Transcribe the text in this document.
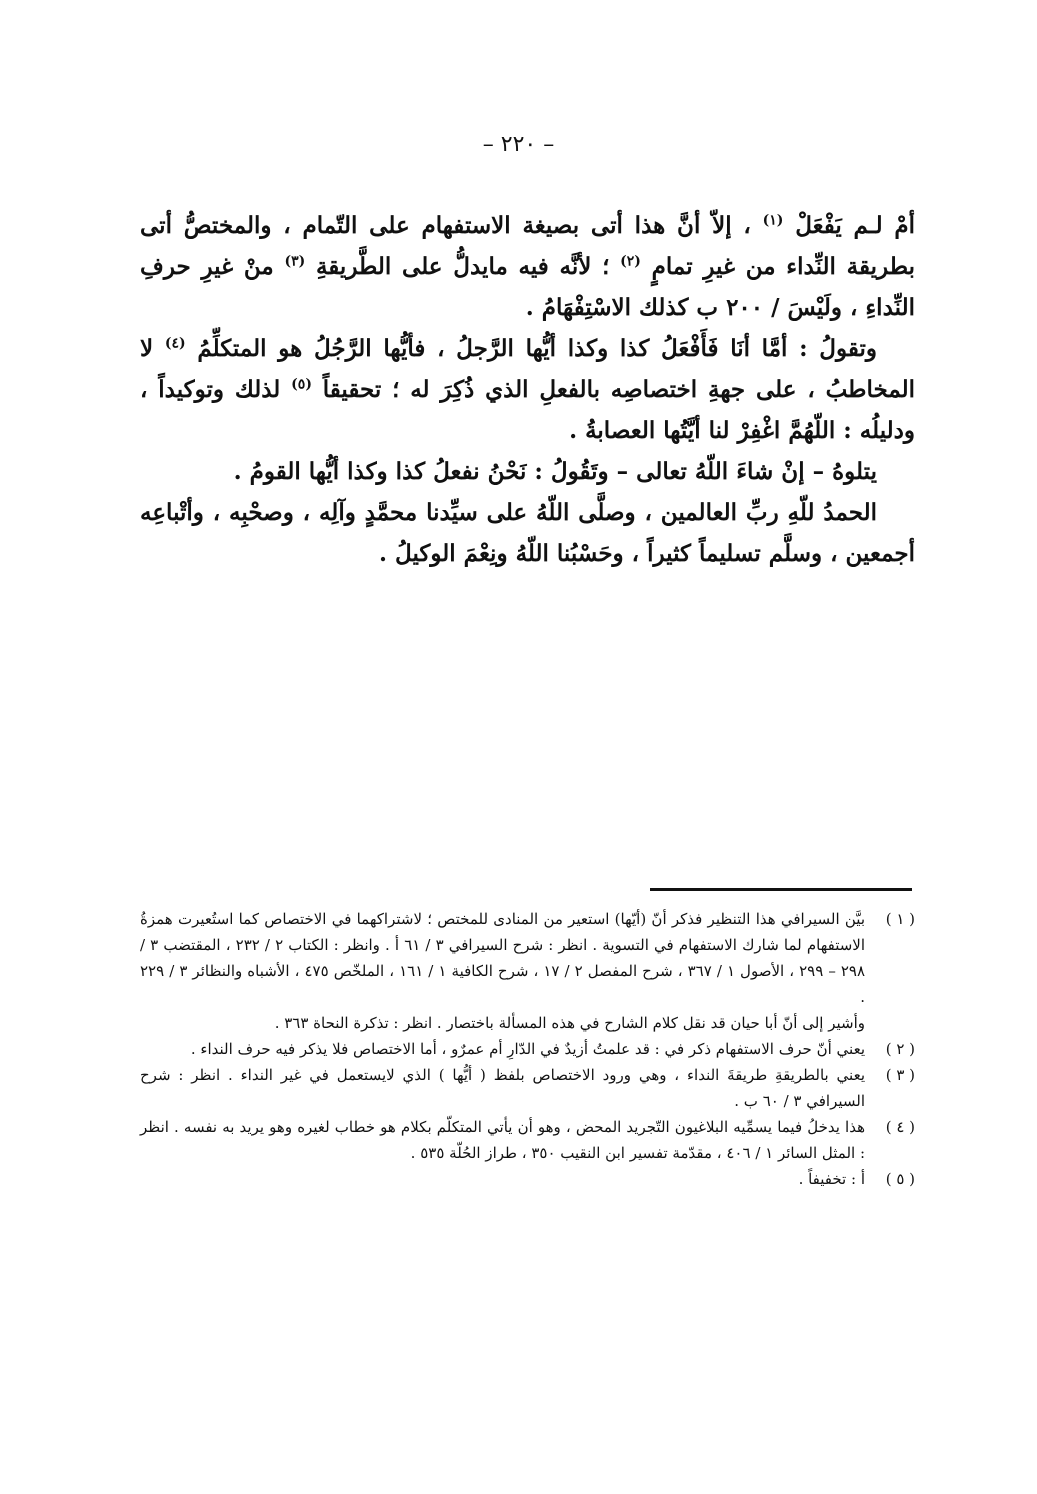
– ٢٢٠ –

أمْ لـم يَفْعَلْ $^{(١)}$ ، إلاّ أنَّ هذا أتى بصيغة الاستفهام على التّمام ، والمختصُّ أتى بطريقة النِّداء من غيرِ تمامٍ $^{(٢)}$ ؛ لأنَّه فيه مايدلُّ على الطَّريقةِ $^{(٣)}$ منْ غيرِ حرفِ النِّداءِ ، ولَيْسَ / ٢٠٠ ب كذلك الاسْتِفْهَامُ .

وتقولُ : أمَّا أنَا فَأَفْعَلُ كذا وكذا أيُّها الرَّجلُ ، فأيُّها الرَّجُلُ هو المتكلِّمُ $^{(٤)}$ لا المخاطبُ ، على جهةِ اختصاصِه بالفعلِ الذي ذُكِرَ له ؛ تحقيقاً $^{(٥)}$ لذلك وتوكيداً ، ودليلُه : اللّهُمَّ اغْفِرْ لنا أيَّتُها العصابةُ .

يتلوهُ – إنْ شاءَ اللّهُ تعالى – وتَقُولُ : نَحْنُ نفعلُ كذا وكذا أيُّها القومُ .

الحمدُ للّهِ ربِّ العالمين ، وصلَّى اللّهُ على سيِّدنا محمَّدٍ وآلِه ، وصحْبِه ، وأتْباعِه أجمعين ، وسلَّم تسليماً كثيراً ، وحَسْبُنا اللّهُ ونِعْمَ الوكيلُ .

( ١ )

بيَّن السيرافي هذا التنظير فذكر أنّ (أيّها) استعير من المنادى للمختص ؛ لاشتراكهما في الاختصاص كما استُعيرت همزةُ الاستفهام لما شارك الاستفهام في التسوية . انظر : شرح السيرافي ٣ / ٦١ أ . وانظر : الكتاب ٢ / ٢٣٢ ، المقتضب ٣ / ٢٩٨ – ٢٩٩ ، الأصول ١ / ٣٦٧ ، شرح المفصل ٢ / ١٧ ، شرح الكافية ١ / ١٦١ ، الملخّص ٤٧٥ ، الأشباه والنظائر ٣ / ٢٢٩ .

وأشير إلى أنّ أبا حيان قد نقل كلام الشارح في هذه المسألة باختصار . انظر : تذكرة النحاة ٣٦٣ .

( ٢ )

يعني أنّ حرف الاستفهام ذكر في : قد علمتُ أزيدٌ في الدّارِ أم عمرٌو ، أما الاختصاص فلا يذكر فيه حرف النداء .

( ٣ )

يعني بالطريقةِ طريقةَ النداء ، وهي ورود الاختصاص بلفظ ( أيُّها ) الذي لايستعمل في غير النداء . انظر : شرح السيرافي ٣ / ٦٠ ب .

( ٤ )

هذا يدخلُ فيما يسمِّيه البلاغيون التّجريد المحض ، وهو أن يأتي المتكلّم بكلام هو خطاب لغيره وهو يريد به نفسه . انظر : المثل السائر ١ / ٤٠٦ ، مقدّمة تفسير ابن النقيب ٣٥٠ ، طراز الحُلّة ٥٣٥ .

( ٥ )

أ : تخفيفاً .
